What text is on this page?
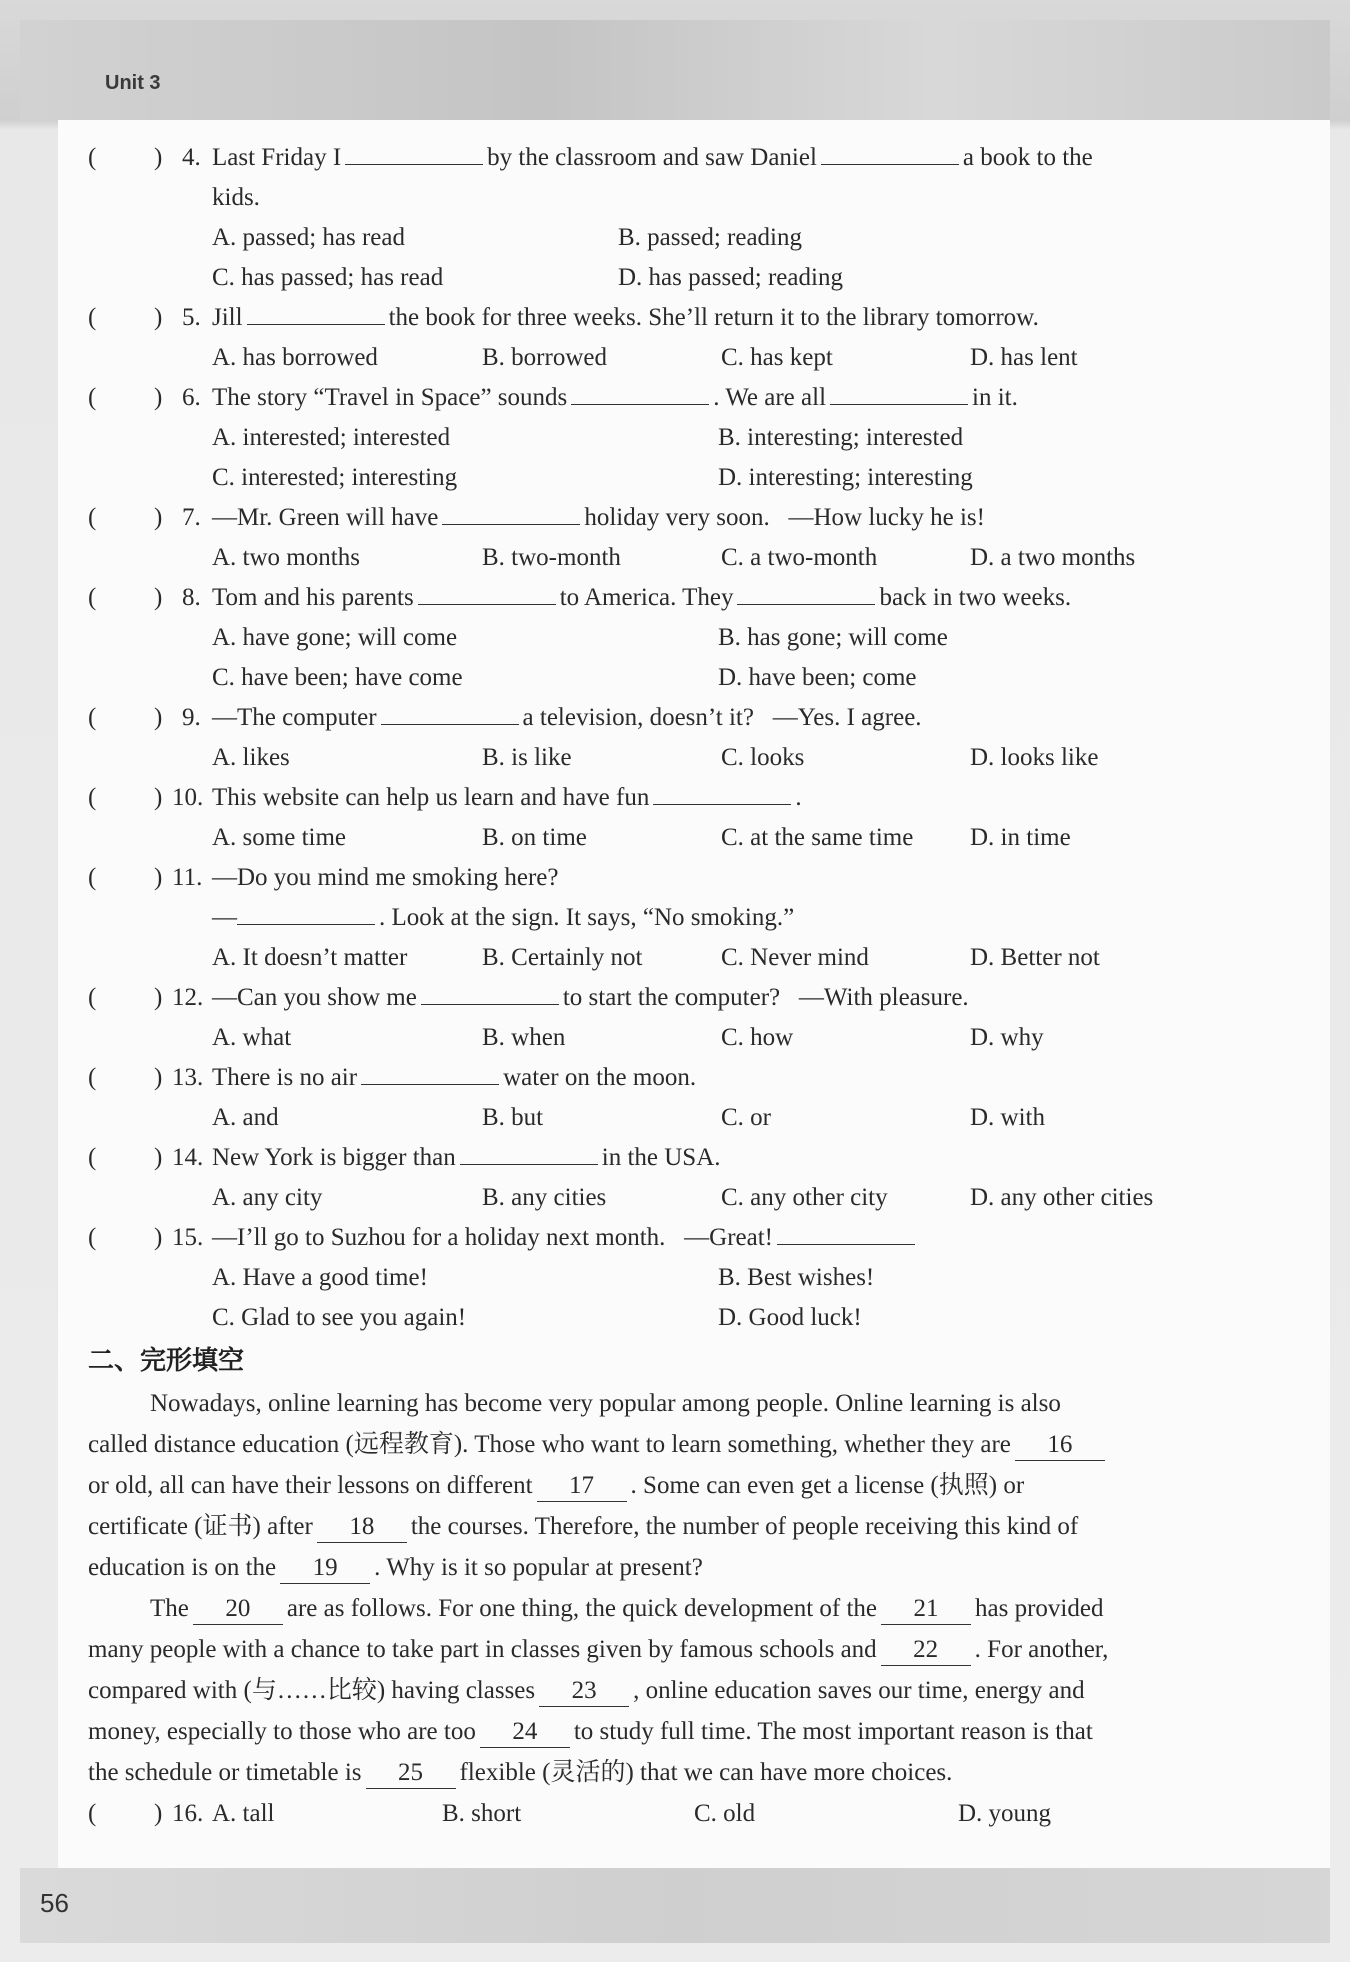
Unit 3
56
( ) 4. Last Friday I	by the classroom and saw Daniel	a book to the
kids.
A. passed; has read	B. passed; reading
C. has passed; has read	D. has passed; reading
( ) 5. Jill	the book for three weeks. She’ll return it to the library tomorrow.
A. has borrowed	B. borrowed	C. has kept	D. has lent
( ) 6. The story “Travel in Space” sounds	. We are all	in it.
A. interested; interested	B. interesting; interested
C. interested; interesting	D. interesting; interesting
( ) 7. —Mr. Green will have	holiday very soon. —How lucky he is!
A. two months	B. two-month	C. a two-month	D. a two months
( ) 8. Tom and his parents	to America. They	back in two weeks.
A. have gone; will come	B. has gone; will come
C. have been; have come	D. have been; come
( ) 9. —The computer	a television, doesn’t it? —Yes. I agree.
A. likes	B. is like	C. looks	D. looks like
( ) 10. This website can help us learn and have fun	.
A. some time	B. on time	C. at the same time D. in time
( ) 11. —Do you mind me smoking here?
—	. Look at the sign. It says, “No smoking.”
A. It doesn’t matter	B. Certainly not	C. Never mind	D. Better not
( ) 12. —Can you show me	to start the computer? —With pleasure.
A. what	B. when	C. how	D. why
( ) 13. There is no air	water on the moon.
A. and	B. but	C. or	D. with
( ) 14. New York is bigger than	in the USA.
A. any city	B. any cities	C. any other city	D. any other cities
( ) 15. —I’ll go to Suzhou for a holiday next month. —Great!
A. Have a good time!	B. Best wishes!
C. Glad to see you again!	D. Good luck!
二、完形填空
Nowadays, online learning has become very popular among people. Online learning is also
called distance education (远程教育). Those who want to learn something, whether they are 16
or old, all can have their lessons on different 17 . Some can even get a license (执照) or
certificate (证书) after 18 the courses. Therefore, the number of people receiving this kind of
education is on the 19 . Why is it so popular at present?
The 20 are as follows. For one thing, the quick development of the 21 has provided
many people with a chance to take part in classes given by famous schools and 22 . For another,
compared with (与……比较) having classes 23 , online education saves our time, energy and
money, especially to those who are too 24 to study full time. The most important reason is that
the schedule or timetable is 25 flexible (灵活的) that we can have more choices.
( ) 16. A. tall	B. short	C. old	D. young
